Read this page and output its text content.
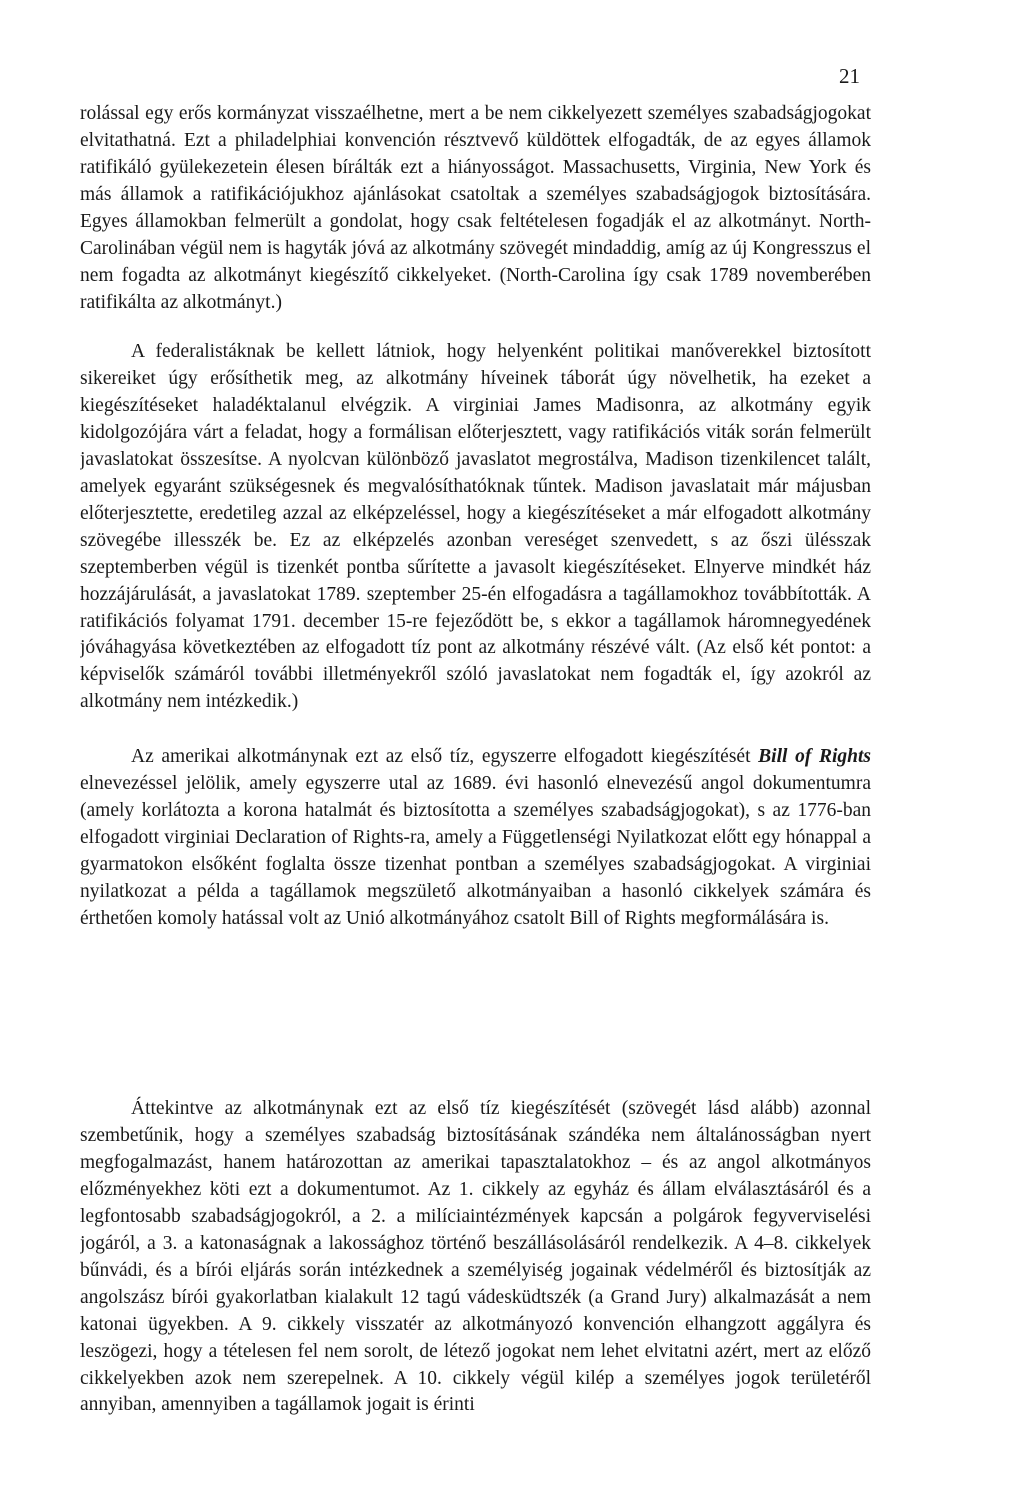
21

rolással egy erős kormányzat visszaélhetne, mert a be nem cikkelyezett személyes szabadságjogokat elvitathatná. Ezt a philadelphiai konvención résztvevő küldöttek elfogadták, de az egyes államok ratifikáló gyülekezetein élesen bírálták ezt a hiányosságot. Massachusetts, Virginia, New York és más államok a ratifikációjukhoz ajánlásokat csatoltak a személyes szabadságjogok biztosítására. Egyes államokban felmerült a gondolat, hogy csak feltételesen fogadják el az alkotmányt. North-Carolinában végül nem is hagyták jóvá az alkotmány szövegét mindaddig, amíg az új Kongresszus el nem fogadta az alkotmányt kiegészítő cikkelyeket. (North-Carolina így csak 1789 novemberében ratifikálta az alkotmányt.)

A federalistáknak be kellett látniok, hogy helyenként politikai manőverekkel biztosított sikereiket úgy erősíthetik meg, az alkotmány híveinek táborát úgy növelhetik, ha ezeket a kiegészítéseket haladéktalanul elvégzik. A virginiai James Madisonra, az alkotmány egyik kidolgozójára várt a feladat, hogy a formálisan előterjesztett, vagy ratifikációs viták során felmerült javaslatokat összesítse. A nyolcvan különböző javaslatot megrostálva, Madison tizenkilencet talált, amelyek egyaránt szükségesnek és megvalósíthatóknak tűntek. Madison javaslatait már májusban előterjesztette, eredetileg azzal az elképzeléssel, hogy a kiegészítéseket a már elfogadott alkotmány szövegébe illesszék be. Ez az elképzelés azonban vereséget szenvedett, s az őszi ülésszak szeptemberben végül is tizenkét pontba sűrítette a javasolt kiegészítéseket. Elnyerve mindkét ház hozzájárulását, a javaslatokat 1789. szeptember 25-én elfogadásra a tagállamokhoz továbbították. A ratifikációs folyamat 1791. december 15-re fejeződött be, s ekkor a tagállamok háromnegyedének jóváhagyása következtében az elfogadott tíz pont az alkotmány részévé vált. (Az első két pontot: a képviselők számáról további illetményekről szóló javaslatokat nem fogadták el, így azokról az alkotmány nem intézkedik.)

Az amerikai alkotmánynak ezt az első tíz, egyszerre elfogadott kiegészítését Bill of Rights elnevezéssel jelölik, amely egyszerre utal az 1689. évi hasonló elnevezésű angol dokumentumra (amely korlátozta a korona hatalmát és biztosította a személyes szabadságjogokat), s az 1776-ban elfogadott virginiai Declaration of Rights-ra, amely a Függetlenségi Nyilatkozat előtt egy hónappal a gyarmatokon elsőként foglalta össze tizenhat pontban a személyes szabadságjogokat. A virginiai nyilatkozat a példa a tagállamok megszülető alkotmányaiban a hasonló cikkelyek számára és érthetően komoly hatással volt az Unió alkotmányához csatolt Bill of Rights megformálására is.

Áttekintve az alkotmánynak ezt az első tíz kiegészítését (szövegét lásd alább) azonnal szembetűnik, hogy a személyes szabadság biztosításának szándéka nem általánosságban nyert megfogalmazást, hanem határozottan az amerikai tapasztalatokhoz – és az angol alkotmányos előzményekhez köti ezt a dokumentumot. Az 1. cikkely az egyház és állam elválasztásáról és a legfontosabb szabadságjogokról, a 2. a milíciaintézmények kapcsán a polgárok fegyverviselési jogáról, a 3. a katonaságnak a lakossághoz történő beszállásolásáról rendelkezik. A 4–8. cikkelyek bűnvádi, és a bírói eljárás során intézkednek a személyiség jogainak védelméről és biztosítják az angolszász bírói gyakorlatban kialakult 12 tagú vádesküdtszék (a Grand Jury) alkalmazását a nem katonai ügyekben. A 9. cikkely visszatér az alkotmányozó konvención elhangzott aggályra és leszögezi, hogy a tételesen fel nem sorolt, de létező jogokat nem lehet elvitatni azért, mert az előző cikkelyekben azok nem szerepelnek. A 10. cikkely végül kilép a személyes jogok területéről annyiban, amennyiben a tagállamok jogait is érinti
